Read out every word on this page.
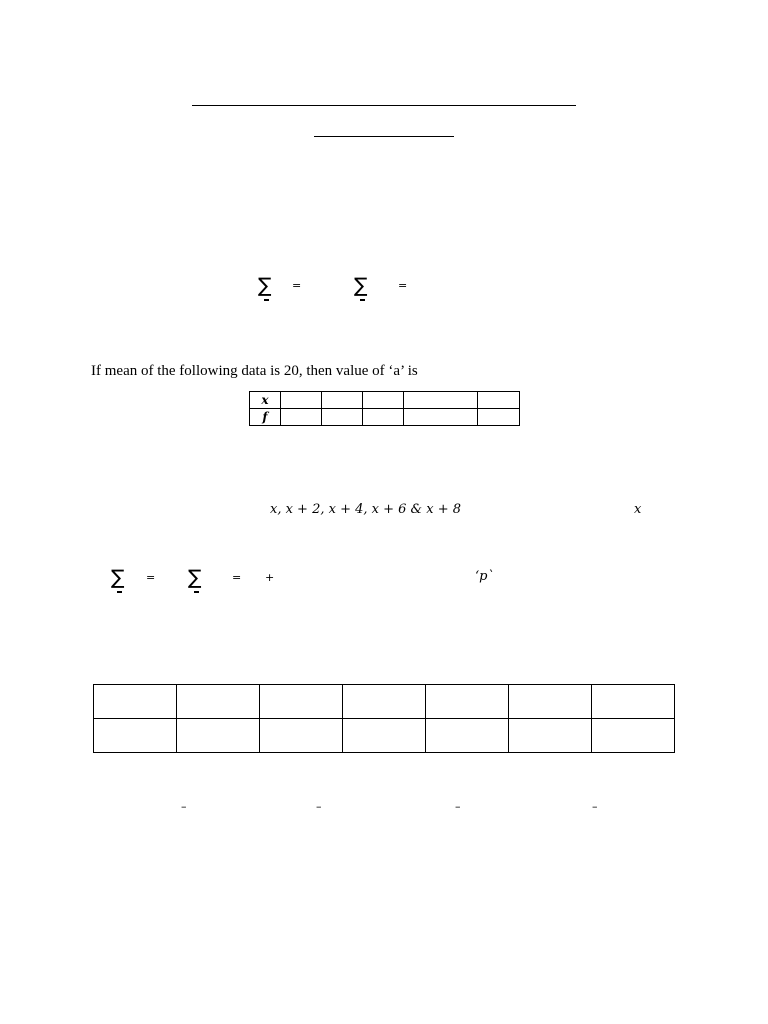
∑ =	∑	=
If mean of the following data is 20, then value of ‘a’ is
x					
f					
x, x + 2, x + 4, x + 6 & x + 8	x
∑ = ∑	= +	‘p`

–	–	–	–
